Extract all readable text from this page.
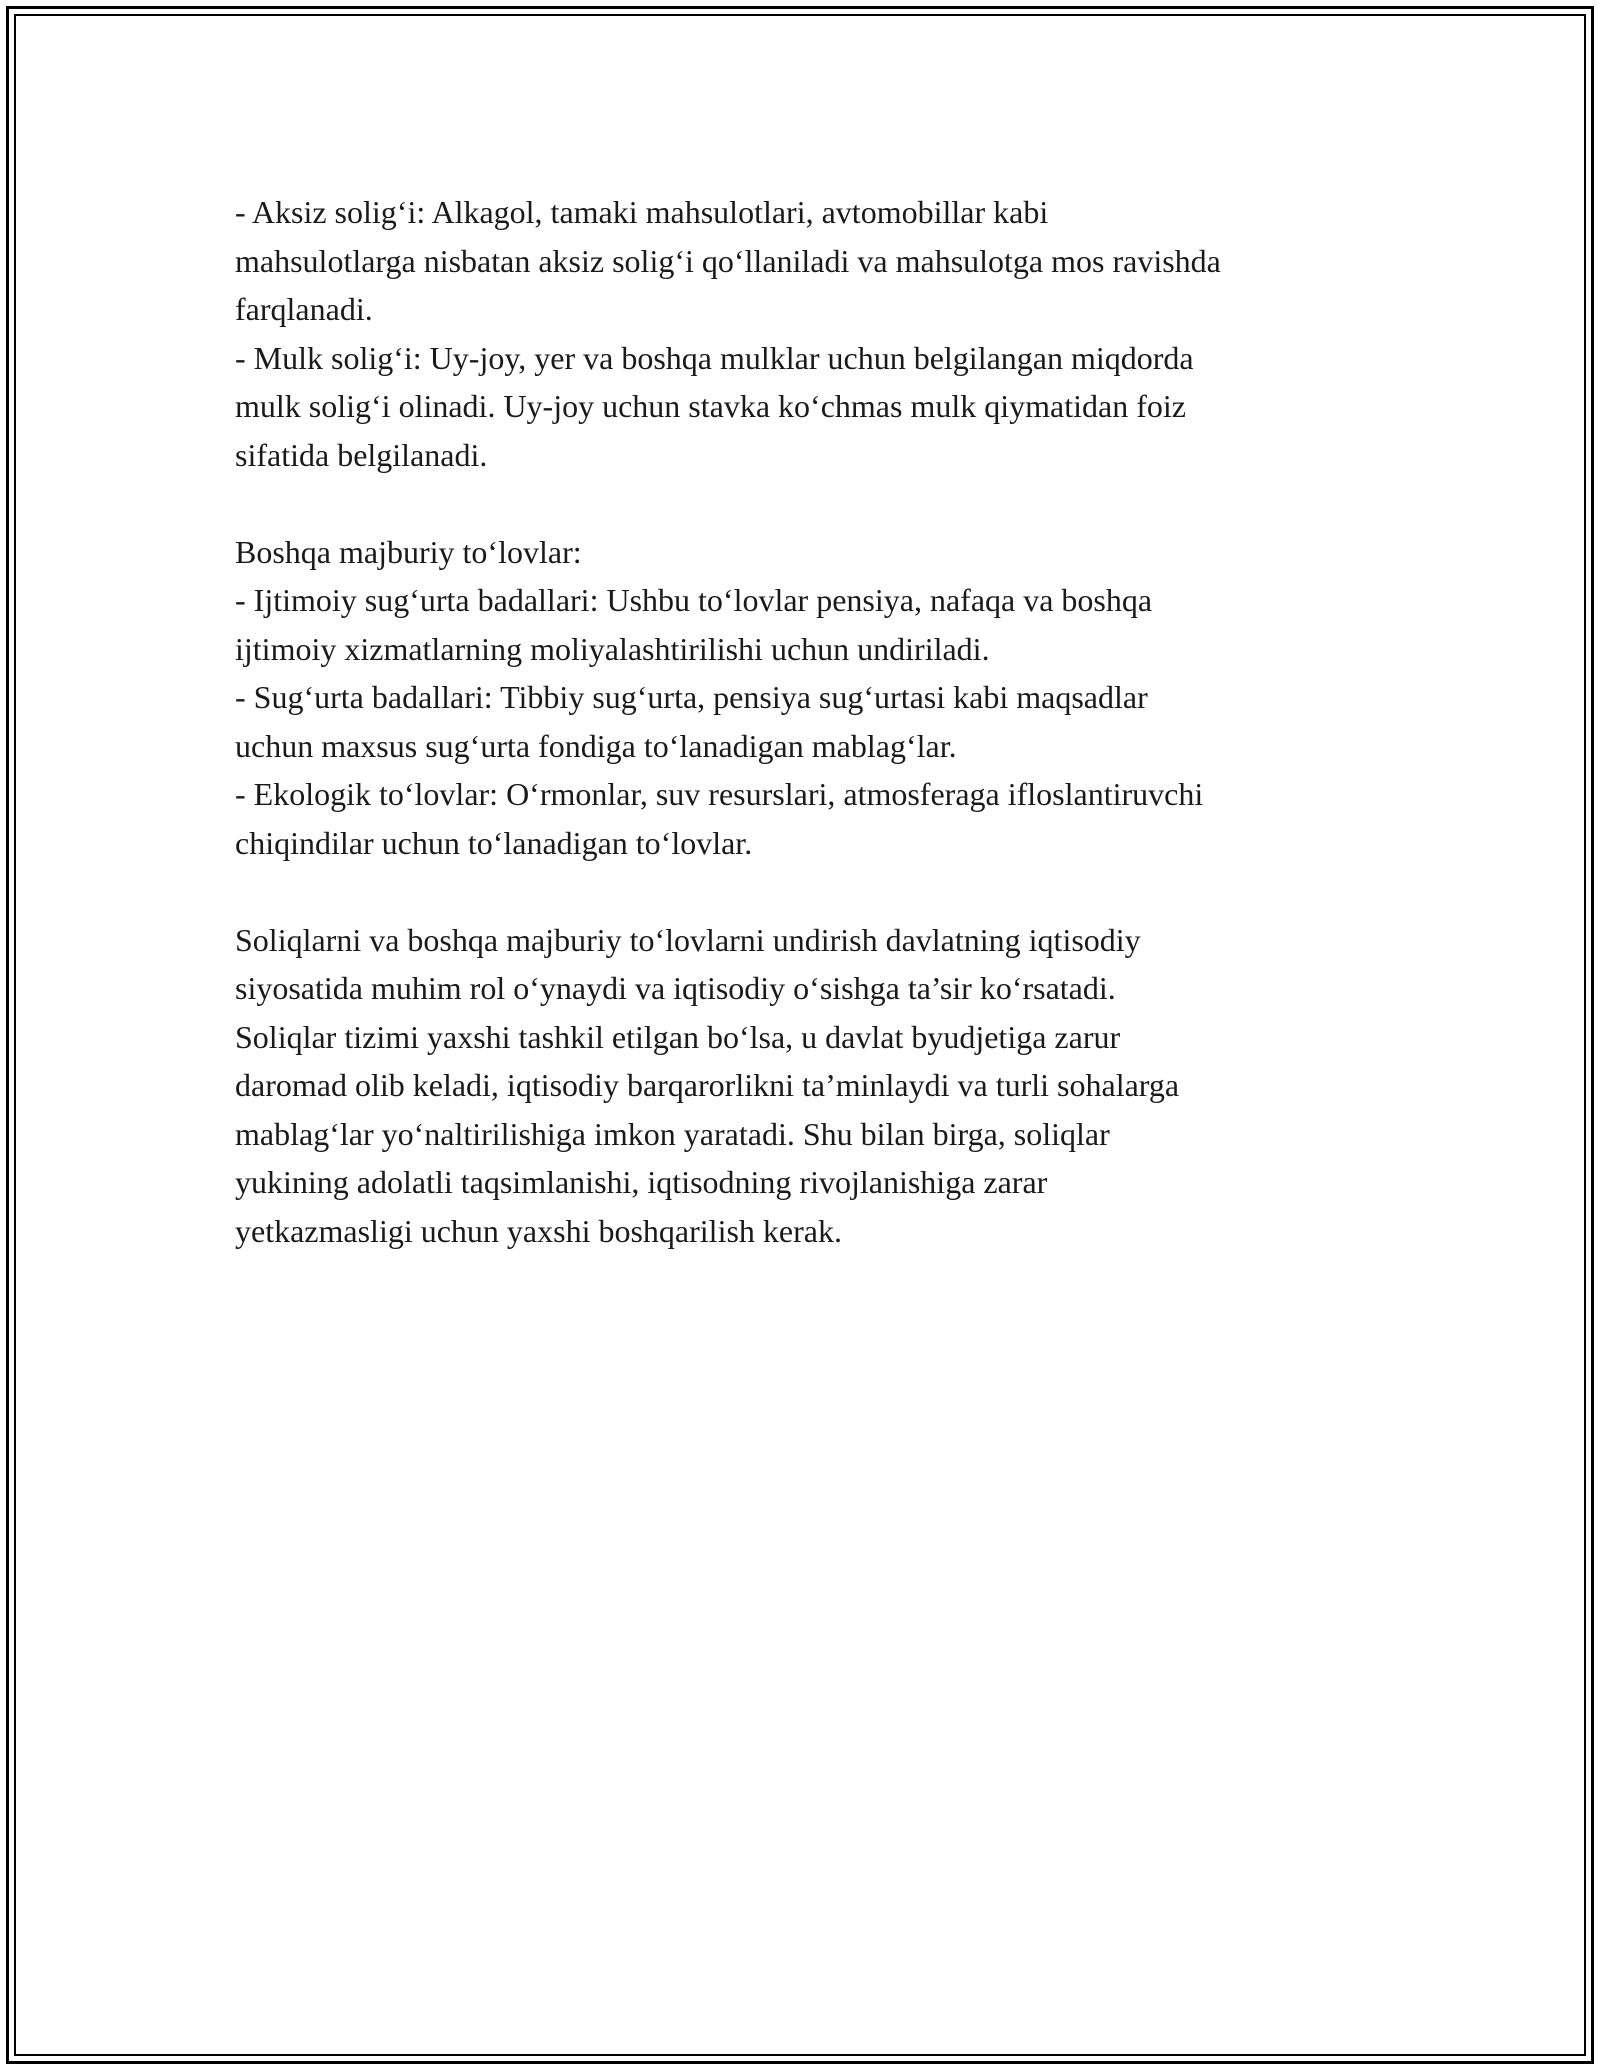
- Aksiz solig‘i: Alkagol, tamaki mahsulotlari, avtomobillar kabi
mahsulotlarga nisbatan aksiz solig‘i qo‘llaniladi va mahsulotga mos ravishda
farqlanadi.
- Mulk solig‘i: Uy-joy, yer va boshqa mulklar uchun belgilangan miqdorda
mulk solig‘i olinadi. Uy-joy uchun stavka ko‘chmas mulk qiymatidan foiz
sifatida belgilanadi.
Boshqa majburiy to‘lovlar:
- Ijtimoiy sug‘urta badallari: Ushbu to‘lovlar pensiya, nafaqa va boshqa
ijtimoiy xizmatlarning moliyalashtirilishi uchun undiriladi.
- Sug‘urta badallari: Tibbiy sug‘urta, pensiya sug‘urtasi kabi maqsadlar
uchun maxsus sug‘urta fondiga to‘lanadigan mablag‘lar.
- Ekologik to‘lovlar: O‘rmonlar, suv resurslari, atmosferaga ifloslantiruvchi
chiqindilar uchun to‘lanadigan to‘lovlar.
Soliqlarni va boshqa majburiy to‘lovlarni undirish davlatning iqtisodiy
siyosatida muhim rol o‘ynaydi va iqtisodiy o‘sishga ta’sir ko‘rsatadi.
Soliqlar tizimi yaxshi tashkil etilgan bo‘lsa, u davlat byudjetiga zarur
daromad olib keladi, iqtisodiy barqarorlikni ta’minlaydi va turli sohalarga
mablag‘lar yo‘naltirilishiga imkon yaratadi. Shu bilan birga, soliqlar
yukining adolatli taqsimlanishi, iqtisodning rivojlanishiga zarar
yetkazmasligi uchun yaxshi boshqarilish kerak.
